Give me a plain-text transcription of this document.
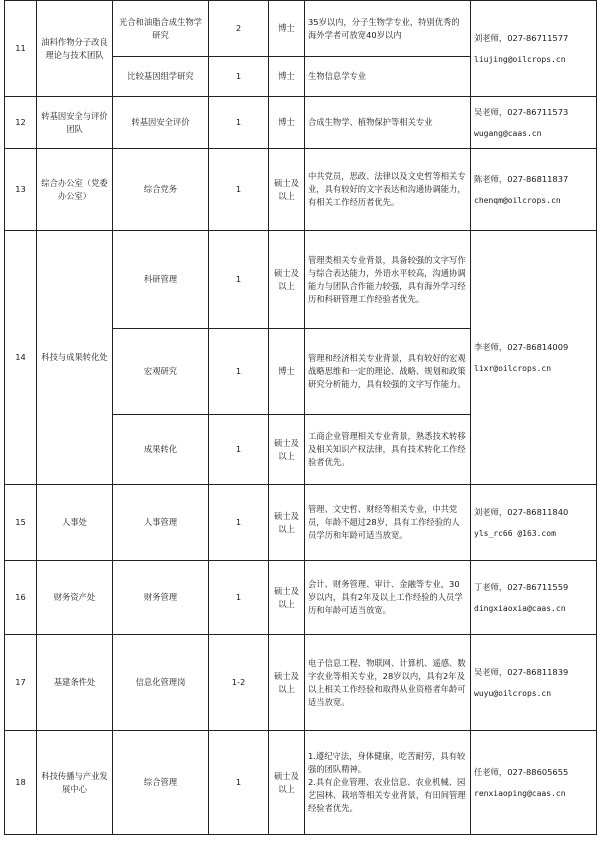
11	油料作物分子改良理论与技术团队	光合和油脂合成生物学研究	2	博士	35岁以内，分子生物学专业，特别优秀的海外学者可放宽40岁以内	刘老师，027-86711577
liujing@oilcrops.cn

		比较基因组学研究	1	博士	生物信息学专业	
12	转基因安全与评价团队	转基因安全评价	1	博士	合成生物学、植物保护等相关专业	吴老师，027-86711573
wugang@caas.cn

13	综合办公室（党委办公室）	综合党务	1	硕士及以上	中共党员，思政、法律以及文史哲等相关专业，具有较好的文字表达和沟通协调能力，有相关工作经历者优先。	陈老师，027-86811837
chenqm@oilcrops.cn

14	科技与成果转化处	科研管理	1	硕士及以上	管理类相关专业背景，具备较强的文字写作与综合表达能力，外语水平较高，沟通协调能力与团队合作能力较强，具有海外学习经历和科研管理工作经验者优先。	李老师，027-86814009
lixr@oilcrops.cn

		宏观研究	1	博士	管理和经济相关专业背景，具有较好的宏观战略思维和一定的理论、战略、规划和政策研究分析能力，具有较强的文字写作能力。	
		成果转化	1	硕士及以上	工商企业管理相关专业背景，熟悉技术转移及相关知识产权法律，具有技术转化工作经验者优先。	
15	人事处	人事管理	1	硕士及以上	管理、文史哲、财经等相关专业，中共党员，年龄不超过28岁，具有工作经验的人员学历和年龄可适当放宽。	刘老师，027-86811840
yls_rc66 @163.com

16	财务资产处	财务管理	1	硕士及以上	会计、财务管理、审计、金融等专业，30岁以内，具有2年及以上工作经验的人员学历和年龄可适当放宽。	丁老师，027-86711559
dingxiaoxia@caas.cn

17	基建条件处	信息化管理岗	1-2	硕士及以上	电子信息工程、物联网、计算机、遥感、数字农业等相关专业，28岁以内，具有2年及以上相关工作经验和取得从业资格者年龄可适当放宽。	吴老师，027-86811839
wuyu@oilcrops.cn

18	科技传播与产业发展中心	综合管理	1	硕士及以上	1.遵纪守法，身体健康，吃苦耐劳，具有较强的团队精神。
2.具有企业管理、农业信息、农业机械、园艺园林、栽培等相关专业背景，有田间管理经验者优先。	任老师，027-88605655
renxiaoping@caas.cn
